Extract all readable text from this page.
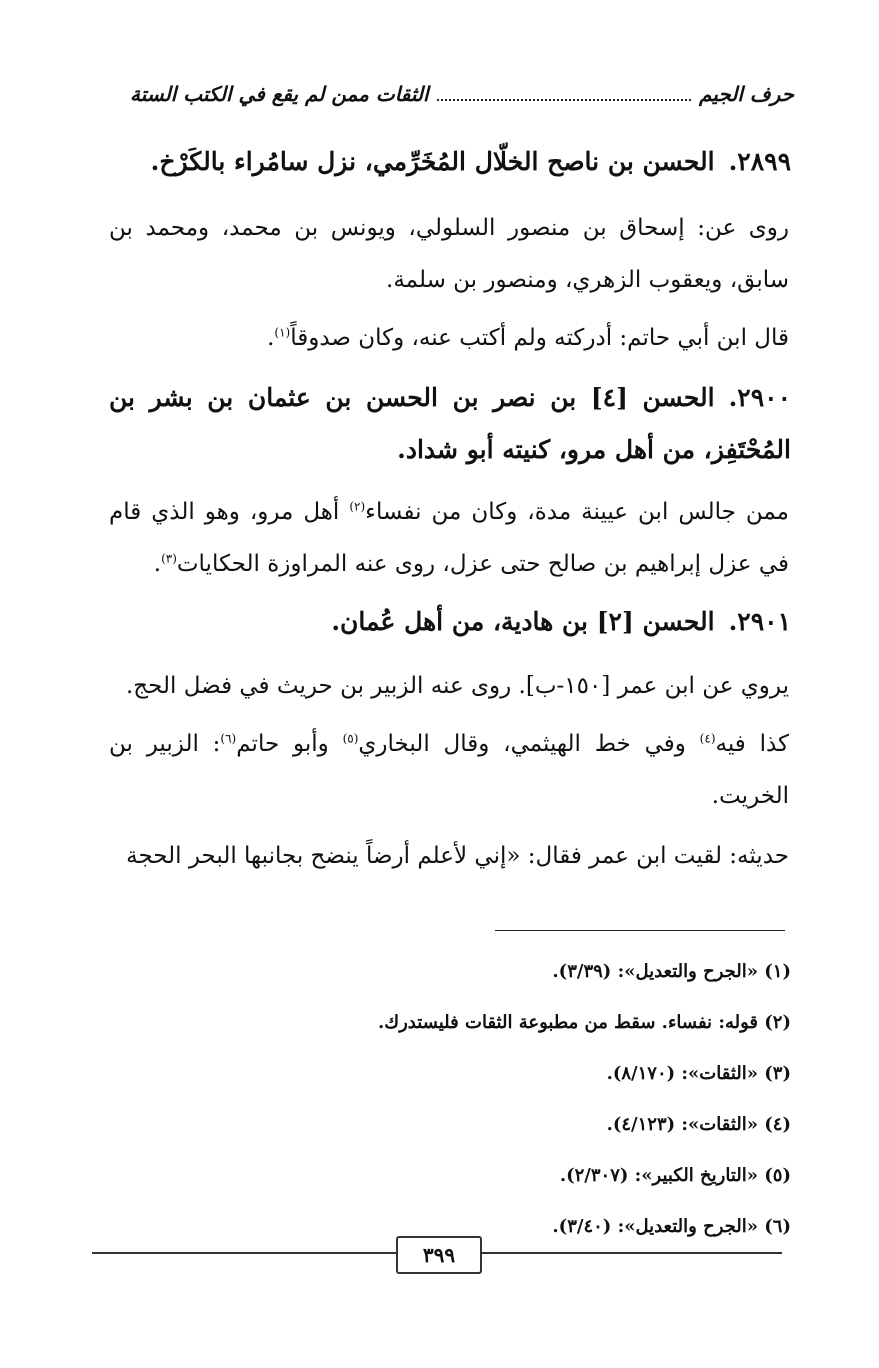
حرف الجيم
الثقات ممن لم يقع في الكتب الستة
٢٨٩٩.الحسن بن ناصح الخلّال المُخَرِّمي، نزل سامُراء بالكَرْخ.
روى عن: إسحاق بن منصور السلولي، ويونس بن محمد، ومحمد بن سابق، ويعقوب الزهري، ومنصور بن سلمة.
قال ابن أبي حاتم: أدركته ولم أكتب عنه، وكان صدوقاً$^{(١)}$.
٢٩٠٠.الحسن [٤] بن نصر بن الحسن بن عثمان بن بشر بن المُحْتَفِز، من أهل مرو، كنيته أبو شداد.
ممن جالس ابن عيينة مدة، وكان من نفساء$^{(٢)}$ أهل مرو، وهو الذي قام في عزل إبراهيم بن صالح حتى عزل، روى عنه المراوزة الحكايات$^{(٣)}$.
٢٩٠١.الحسن [٢] بن هادية، من أهل عُمان.
يروي عن ابن عمر [١٥٠-ب]. روى عنه الزبير بن حريث في فضل الحج.
كذا فيه$^{(٤)}$ وفي خط الهيثمي، وقال البخاري$^{(٥)}$ وأبو حاتم$^{(٦)}$: الزبير بن الخريت.
حديثه: لقيت ابن عمر فقال: «إني لأعلم أرضاً ينضح بجانبها البحر الحجة
(١) «الجرح والتعديل»: (٣/٣٩).
(٢) قوله: نفساء. سقط من مطبوعة الثقات فليستدرك.
(٣) «الثقات»: (٨/١٧٠).
(٤) «الثقات»: (٤/١٢٣).
(٥) «التاريخ الكبير»: (٢/٣٠٧).
(٦) «الجرح والتعديل»: (٣/٤٠).
٣٩٩
